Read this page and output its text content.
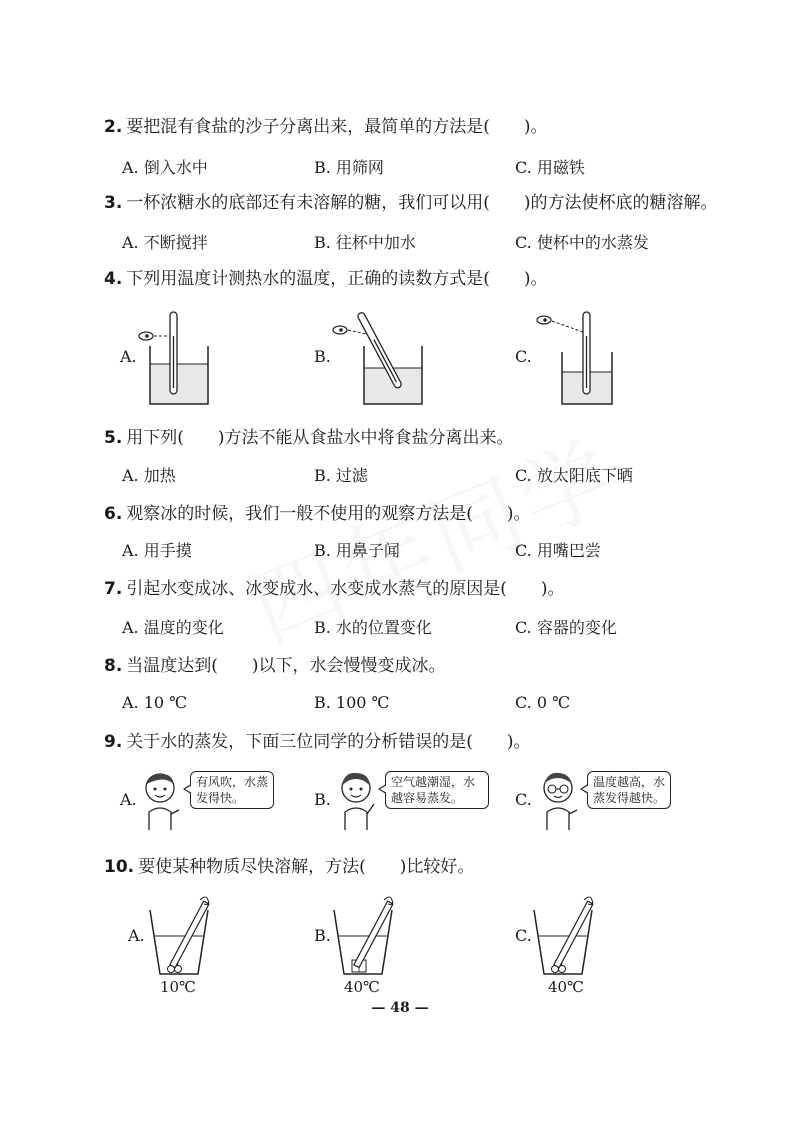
2. 要把混有食盐的沙子分离出来，最简单的方法是(　　)。
A. 倒入水中	B. 用筛网	C. 用磁铁
3. 一杯浓糖水的底部还有未溶解的糖，我们可以用(　　)的方法使杯底的糖溶解。
A. 不断搅拌	B. 往杯中加水	C. 使杯中的水蒸发
4. 下列用温度计测热水的温度，正确的读数方式是(　　)。
A.	B.	C.
5. 用下列(　　)方法不能从食盐水中将食盐分离出来。
A. 加热	B. 过滤	C. 放太阳底下晒
6. 观察冰的时候，我们一般不使用的观察方法是(　　)。
A. 用手摸	B. 用鼻子闻	C. 用嘴巴尝
7. 引起水变成冰、冰变成水、水变成水蒸气的原因是(　　)。
A. 温度的变化	B. 水的位置变化	C. 容器的变化
8. 当温度达到(　　)以下，水会慢慢变成冰。
A. 10 ℃	B. 100 ℃	C. 0 ℃
9. 关于水的蒸发，下面三位同学的分析错误的是(　　)。
A.	B.	C.
有风吹，水蒸发得快。
空气越潮湿，水越容易蒸发。
温度越高，水蒸发得越快。
10. 要使某种物质尽快溶解，方法(　　)比较好。
A.	B.	C.
10℃	40℃	40℃
— 48 —
